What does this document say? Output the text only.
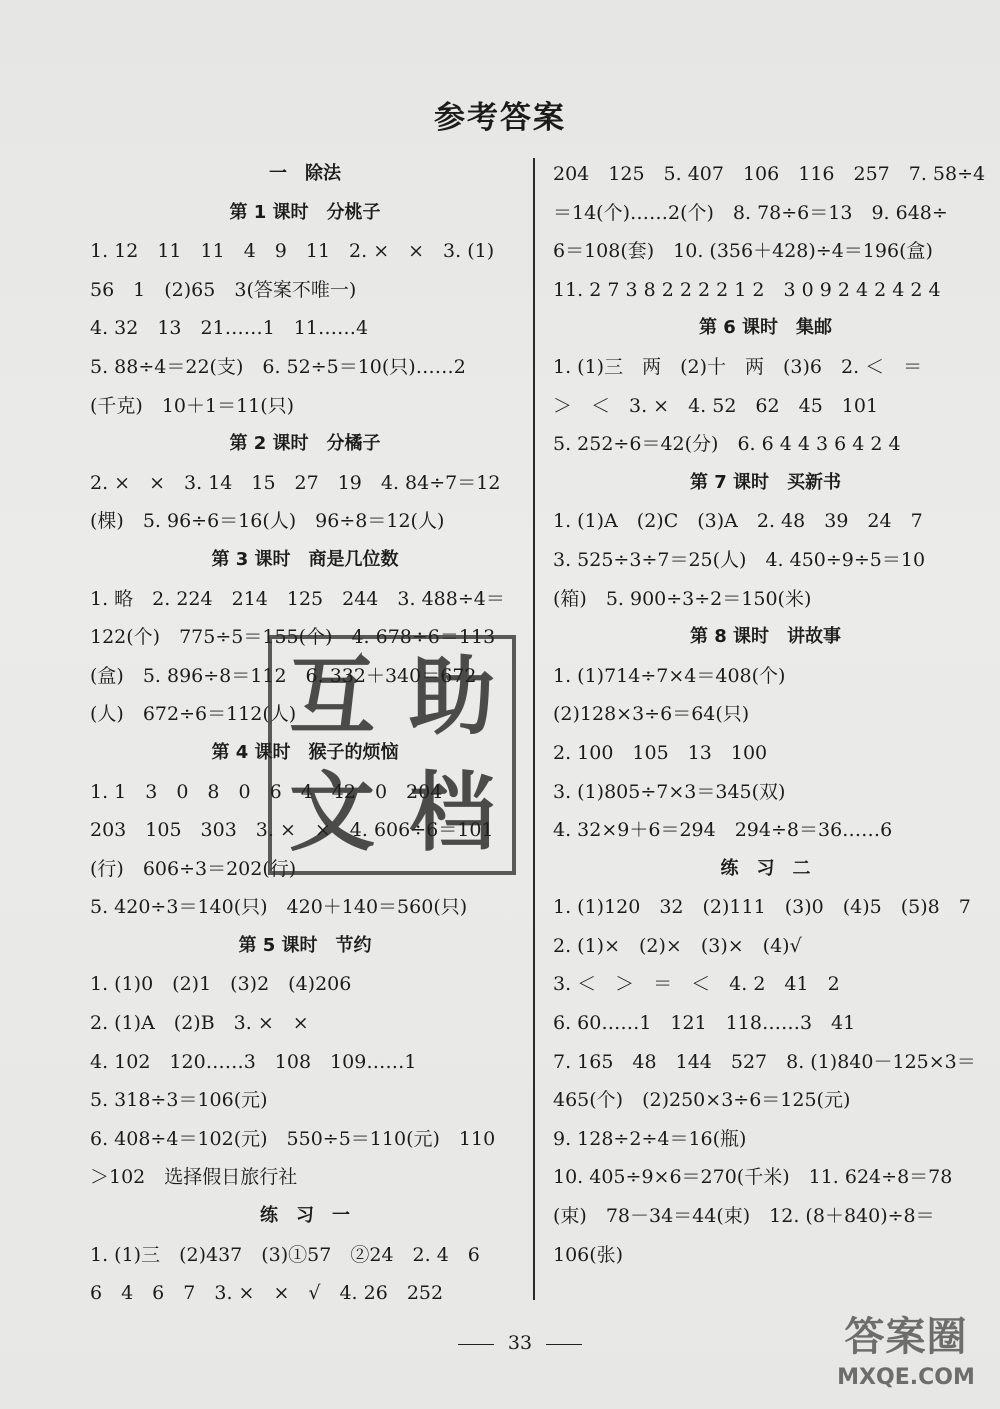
参考答案
一　除法
第 1 课时　分桃子
1. 12　11　11　4　9　11　2. ×　×　3. (1)
56　1　(2)65　3(答案不唯一)
4. 32　13　21……1　11……4
5. 88÷4＝22(支)　6. 52÷5＝10(只)……2
(千克)　10＋1＝11(只)
第 2 课时　分橘子
2. ×　×　3. 14　15　27　19　4. 84÷7＝12
(棵)　5. 96÷6＝16(人)　96÷8＝12(人)
第 3 课时　商是几位数
1. 略　2. 224　214　125　244　3. 488÷4＝
122(个)　775÷5＝155(个)　4. 678÷6＝113
(盒)　5. 896÷8＝112　6. 332＋340＝672
(人)　672÷6＝112(人)
第 4 课时　猴子的烦恼
1. 1　3　0　8　0　6　4　42　0　204
203　105　303　3. ×　×　4. 606÷6＝101
(行)　606÷3＝202(行)
5. 420÷3＝140(只)　420＋140＝560(只)
第 5 课时　节约
1. (1)0　(2)1　(3)2　(4)206
2. (1)A　(2)B　3. ×　×
4. 102　120……3　108　109……1
5. 318÷3＝106(元)
6. 408÷4＝102(元)　550÷5＝110(元)　110
＞102　选择假日旅行社
练　习　一
1. (1)三　(2)437　(3)①57　②24　2. 4　6
6　4　6　7　3. ×　×　√　4. 26　252
204　125　5. 407　106　116　257　7. 58÷4
＝14(个)……2(个)　8. 78÷6＝13　9. 648÷
6＝108(套)　10. (356＋428)÷4＝196(盒)
11. 2 7 3 8 2 2 2 2 1 2　3 0 9 2 4 2 4 2 4
第 6 课时　集邮
1. (1)三　两　(2)十　两　(3)6　2. ＜　＝
＞　＜　3. ×　4. 52　62　45　101
5. 252÷6＝42(分)　6. 6 4 4 3 6 4 2 4
第 7 课时　买新书
1. (1)A　(2)C　(3)A　2. 48　39　24　7
3. 525÷3÷7＝25(人)　4. 450÷9÷5＝10
(箱)　5. 900÷3÷2＝150(米)
第 8 课时　讲故事
1. (1)714÷7×4＝408(个)
(2)128×3÷6＝64(只)
2. 100　105　13　100
3. (1)805÷7×3＝345(双)
4. 32×9＋6＝294　294÷8＝36……6
练　习　二
1. (1)120　32　(2)111　(3)0　(4)5　(5)8　7
2. (1)×　(2)×　(3)×　(4)√
3. ＜　＞　＝　＜　4. 2　41　2
6. 60……1　121　118……3　41
7. 165　48　144　527　8. (1)840－125×3＝
465(个)　(2)250×3÷6＝125(元)
9. 128÷2÷4＝16(瓶)
10. 405÷9×6＝270(千米)　11. 624÷8＝78
(束)　78－34＝44(束)　12. (8＋840)÷8＝
106(张)
33
互 助
文 档
答案圈
MXQE.COM
